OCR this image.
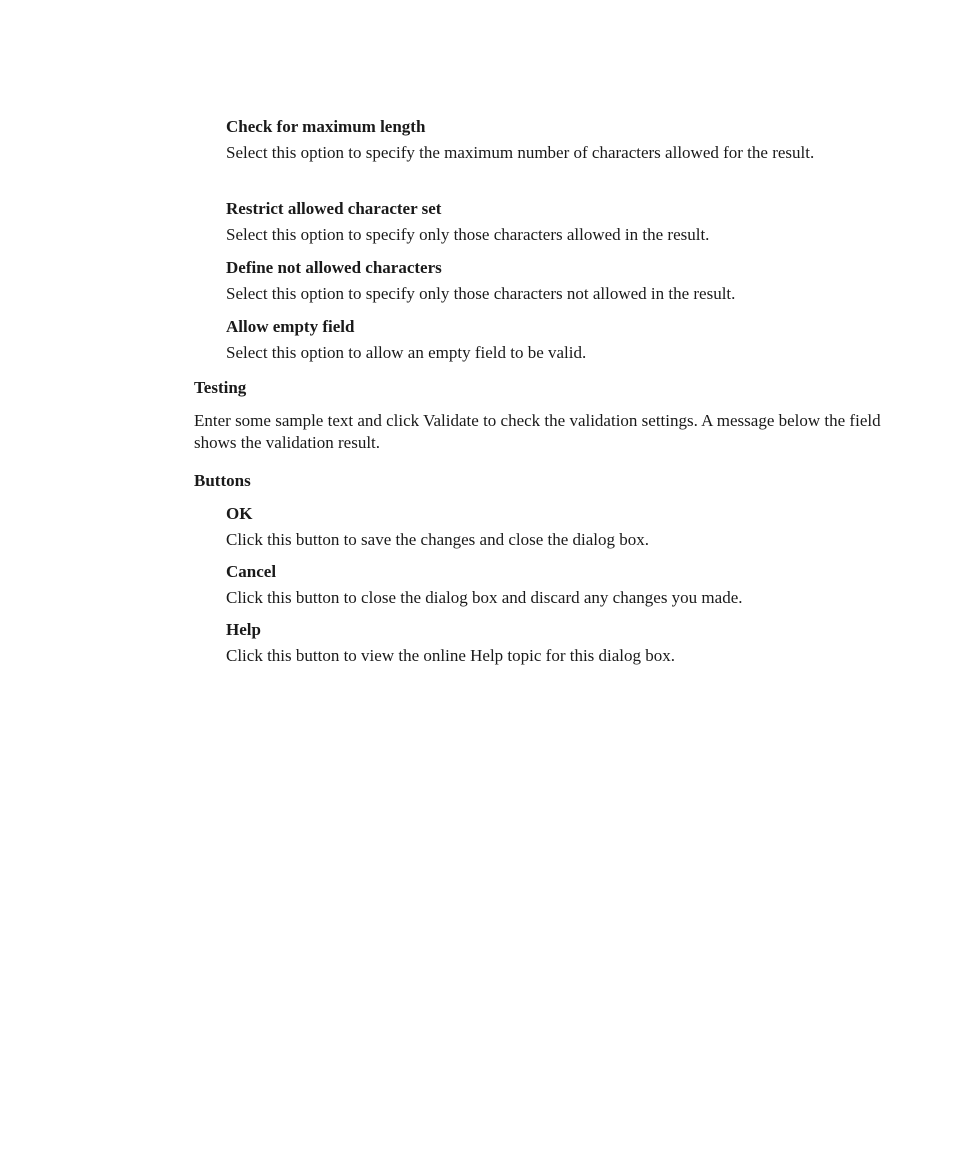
Check for maximum length

Select this option to specify the maximum number of characters allowed for the result.

Restrict allowed character set

Select this option to specify only those characters allowed in the result.

Define not allowed characters

Select this option to specify only those characters not allowed in the result.

Allow empty field

Select this option to allow an empty field to be valid.

Testing

Enter some sample text and click Validate to check the validation settings. A message below the field shows the validation result.

Buttons

OK

Click this button to save the changes and close the dialog box.

Cancel

Click this button to close the dialog box and discard any changes you made.

Help

Click this button to view the online Help topic for this dialog box.
